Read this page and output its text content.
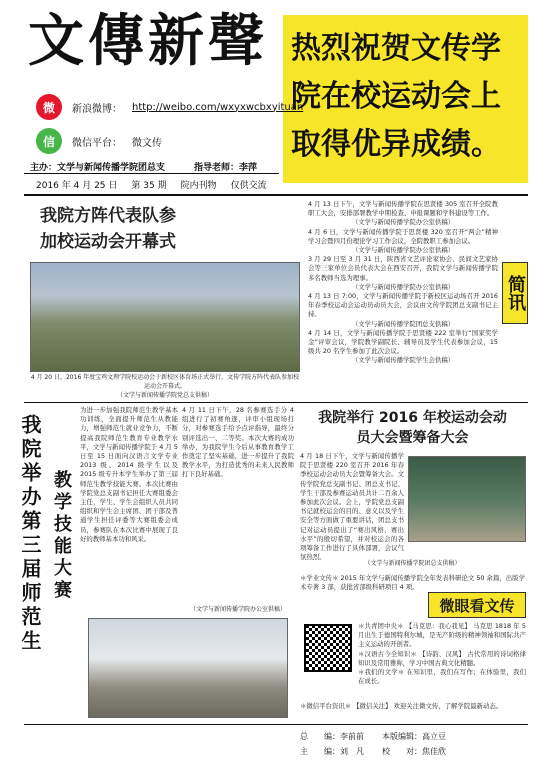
文傳新聲 热烈祝贺文传学
院在校运动会上
取得优异成绩。
微	新浪微博： http://weibo.com/wxyxwcbxyituan
信	微信平台： 微文传
主办：文学与新闻传播学院团总支	指导老师：李萍
2016 年 4 月 25 日 第 35 期 院内刊物 仅供交流
我院方阵代表队参
加校运动会开幕式
4 月 20 日，2016 年度宝鸡文理学院校运动会于新校区体育场正式举行，文传学院方阵代表队参加校运动会开幕式。
（文学与新闻传播学院党总支供稿）

4 月 13 日下午，文学与新闻传播学院在思贤楼 305 室召开全院教职工大会，安排部署教学中期检查、申报课题和学科建设等工作。

（文学与新闻传播学院办公室供稿）

4 月 6 日，文学与新闻传播学院于思贤楼 320 室召开“两会”精神学习会暨四月份理论学习工作会议，全院教职工参加会议。

（文学与新闻传播学院办公室供稿）

3 月 29 日至 3 月 31 日，陕西省文艺评论家协会、民间文艺家协会等三家单位会员代表大会在西安召开，我院文学与新闻传播学院多名教师当选为理事。

（文学与新闻传播学院办公室供稿）

4 月 13 日 7:00，文学与新闻传播学院于新校区运动场召开 2016 年春季校运动会运动员动员大会，会议由文传学院团总支副书记主持。

（文学与新闻传播学院团总支供稿）

4 月 14 日，文学与新闻传播学院于思贤楼 222 室举行“国家奖学金”评审会议，学院教学副院长、辅导员及学生代表参加会议，15 级共 20 名学生参加了此次会议。

（文学与新闻传播学院学生会供稿）

简讯
我院举办第三届师范生 教学技能大赛
为进一步加强我院师范生教学基本功训练，全面提升师范生从教能力，增强师范生就业竞争力，不断提高我院师范生教育专业教学水平，文学与新闻传播学院于 4 月 5 日至 15 日面向汉语言文学专业 2013 级、2014 级学生以及 2015 级专升本学生举办了第三届师范生教学技能大赛。本次比赛由学院党总支副书记担任大赛组委会主任，学生、学生会组织人员共同组织和学生会主席团、团干部及普通学生担任评委等大赛组委会成员，参赛队在本次比赛中展现了良好的教师基本功和风采。
4 月 11 日下午，28 名参赛选手分 4 组进行了初赛角逐，评审小组现场打分，对参赛选手给予点评指导，最终分别评选出一、二等奖。本次大赛的成功举办，为我院学生今后从事教育教学工作奠定了坚实基础，进一步提升了我院教学水平，为打造优秀的未来人民教师打下良好基础。
（文学与新闻传播学院办公室供稿）
我院举行 2016 年校运动会动
员大会暨筹备大会
4 月 18 日下午，文学与新闻传播学院于思贤楼 220 室召开 2016 年春季校运动会动员大会暨筹备大会。文传学院党总支副书记、团总支书记、学生干部及参赛运动员共计二百余人参加此次会议。会上，学院党总支副书记就校运会的目的、意义以及学生安全等方面做了重要讲话，团总支书记对运动员提出了“赛出风格、赛出水平”的殷切希望，并对校运会的各项筹备工作进行了具体部署，会议气氛热烈。
（文学与新闻传播学院团总支供稿）
＊学业文传＊ 2015 年文学与新闻传播学院全年发表科研论文 50 余篇，出版学术专著 3 部，获批省部级科研项目 4 项。
微眼看文传

＊共青团中央＊ 【马克思：我心我见】 马克思 1818 年 5 月出生于德国特利尔城，是无产阶级的精神领袖和国际共产主义运动的开创者。

＊汉语古今全知识＊ 【诗韵、汉风】 古代常用的诗词格律知识及常用雅称，学习中国古典文化精髓。

＊我们的文学＊ 在知识里，我们在写作；在体验里，我们在成长。

＊微信平台资讯＊ 【微信关注】 欢迎关注微文传，了解学院最新动态。
总　　编：李前前	本版编辑：高立豆
主　　编：刘　凡	校　　对：焦佳欣
